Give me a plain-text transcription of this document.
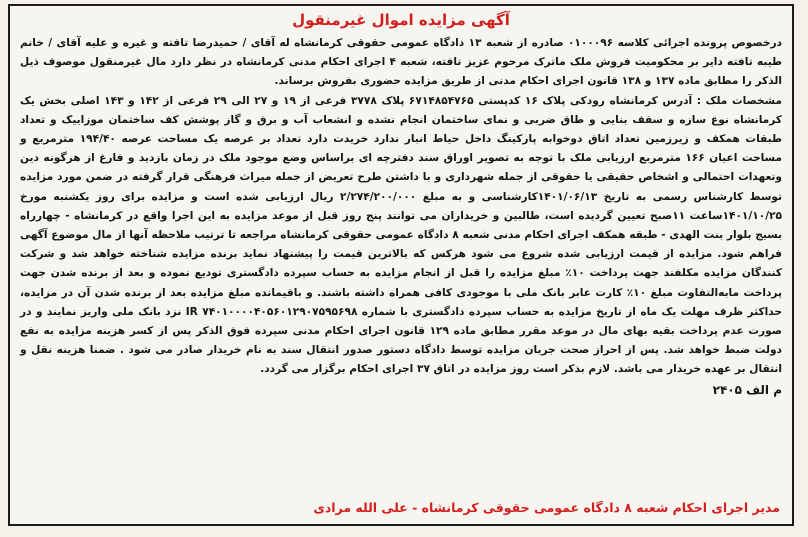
آگهی مزایده اموال غیرمنقول

درخصوص پرونده اجرائی کلاسه ۰۱۰۰۰۹۶ صادره از شعبه ۱۳ دادگاه عمومی حقوقی کرمانشاه له آقای / حمیدرضا تافته و غیره و علیه آقای / خانم طیبه تافته دایر بر محکومیت فروش ملک ماترک مرحوم عزیز تافته، شعبه ۴ اجرای احکام مدنی کرمانشاه در نظر دارد مال غیرمنقول موصوف ذیل الذکر را مطابق ماده ۱۳۷ و ۱۳۸ قانون اجرای احکام مدنی از طریق مزایده حضوری بفروش برساند.

مشخصات ملک : آدرس کرمانشاه رودکی پلاک ۱۶ کدپستی ۶۷۱۴۸۵۴۷۶۵ پلاک ۳۷۷۸ فرعی از ۱۹ و ۲۷ الی ۲۹ فرعی از ۱۴۲ و ۱۴۳ اصلی بخش یک کرمانشاه نوع سازه و سقف بنایی و طاق ضربی و نمای ساختمان انجام نشده و انشعاب آب و برق و گاز پوشش کف ساختمان موزاییک و تعداد طبقات همکف و زیرزمین تعداد اتاق دوخوابه پارکینگ داخل حیاط انبار ندارد خریدت دارد تعداد بر عرصه یک مساحت عرصه ۱۹۴/۴۰ مترمربع و مساحت اعیان ۱۶۶ مترمربع ارزیابی ملک با توجه به تصویر اوراق سند دفترچه ای براساس وضع موجود ملک در زمان بازدید و فارغ از هرگونه دین وتعهدات احتمالی و اشخاص حقیقی یا حقوقی از جمله شهرداری و با داشتن طرح تعریض از جمله میراث فرهنگی قرار گرفته در ضمن مورد مزایده توسط کارشناس رسمی به تاریخ ۱۴۰۱/۰۶/۱۳کارشناسی و به مبلغ ۲/۲۷۴/۲۰۰/۰۰۰ ریال ارزیابی شده است و مزایده برای روز یکشنبه مورخ ۱۴۰۱/۱۰/۲۵ساعت ۱۱صبح تعیین گردیده است، طالبین و خریداران می توانند پنج روز قبل از موعد مزایده به این اجرا واقع در کرمانشاه - چهارراه بسیج بلوار بنت الهدی - طبقه همکف اجرای احکام مدنی شعبه ۸ دادگاه عمومی حقوقی کرمانشاه مراجعه تا ترتیب ملاحظه آنها از مال موضوع آگهی فراهم شود. مزایده از قیمت ارزیابی شده شروع می شود هرکس که بالاترین قیمت را پیشنهاد نماید برنده مزایده شناخته خواهد شد و شرکت کنندگان مزایده مکلفند جهت پرداخت ۱۰٪ مبلغ مزایده را قبل از انجام مزایده به حساب سپرده دادگستری تودیع نموده و بعد از برنده شدن جهت پرداخت مابه‌التفاوت مبلغ ۱۰٪ کارت عابر بانک ملی با موجودی کافی همراه داشته باشند. و باقیمانده مبلغ مزایده بعد از برنده شدن آن در مزایده، حداکثر ظرف مهلت یک ماه از تاریخ مزایده به حساب سپرده دادگستری با شماره IR ۷۴۰۱۰۰۰۰۴۰۵۶۰۱۲۹۰۷۵۹۵۶۹۸ نزد بانک ملی واریز نمایند و در صورت عدم پرداخت بقیه بهای مال در موعد مقرر مطابق ماده ۱۲۹ قانون اجرای احکام مدنی سپرده فوق الذکر پس از کسر هزینه مزایده به نفع دولت ضبط خواهد شد. پس از احراز صحت جریان مزایده توسط دادگاه دستور صدور انتقال سند به نام خریدار صادر می شود . ضمنا هزینه نقل و انتقال بر عهده خریدار می باشد. لازم بذکر است روز مزایده در اتاق ۳۷ اجرای احکام برگزار می گردد.

م الف ۲۴۰۵
مدیر اجرای احکام شعبه ۸ دادگاه عمومی حقوقی کرمانشاه - علی الله مرادی
